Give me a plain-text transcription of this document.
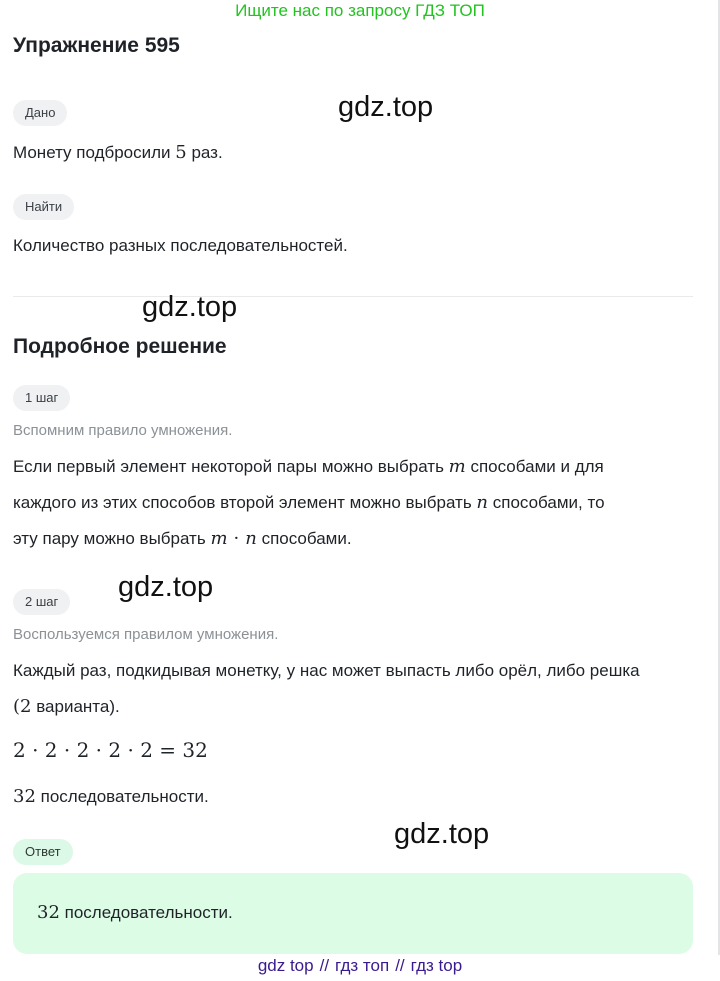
Ищите нас по запросу ГДЗ ТОП
Упражнение 595
Дано
Монету подбросили 5 раз.
Найти
Количество разных последовательностей.
Подробное решение
1 шаг
Вспомним правило умножения.
Если первый элемент некоторой пары можно выбрать m способами и для
каждого из этих способов второй элемент можно выбрать n способами, то
эту пару можно выбрать m · n способами.
2 шаг
Воспользуемся правилом умножения.
Каждый раз, подкидывая монетку, у нас может выпасть либо орёл, либо решка
(2 варианта).
2 · 2 · 2 · 2 · 2 = 32
32 последовательности.
Ответ
32 последовательности.
gdz.top
gdz.top
gdz.top
gdz.top
gdz top // гдз топ // гдз top
